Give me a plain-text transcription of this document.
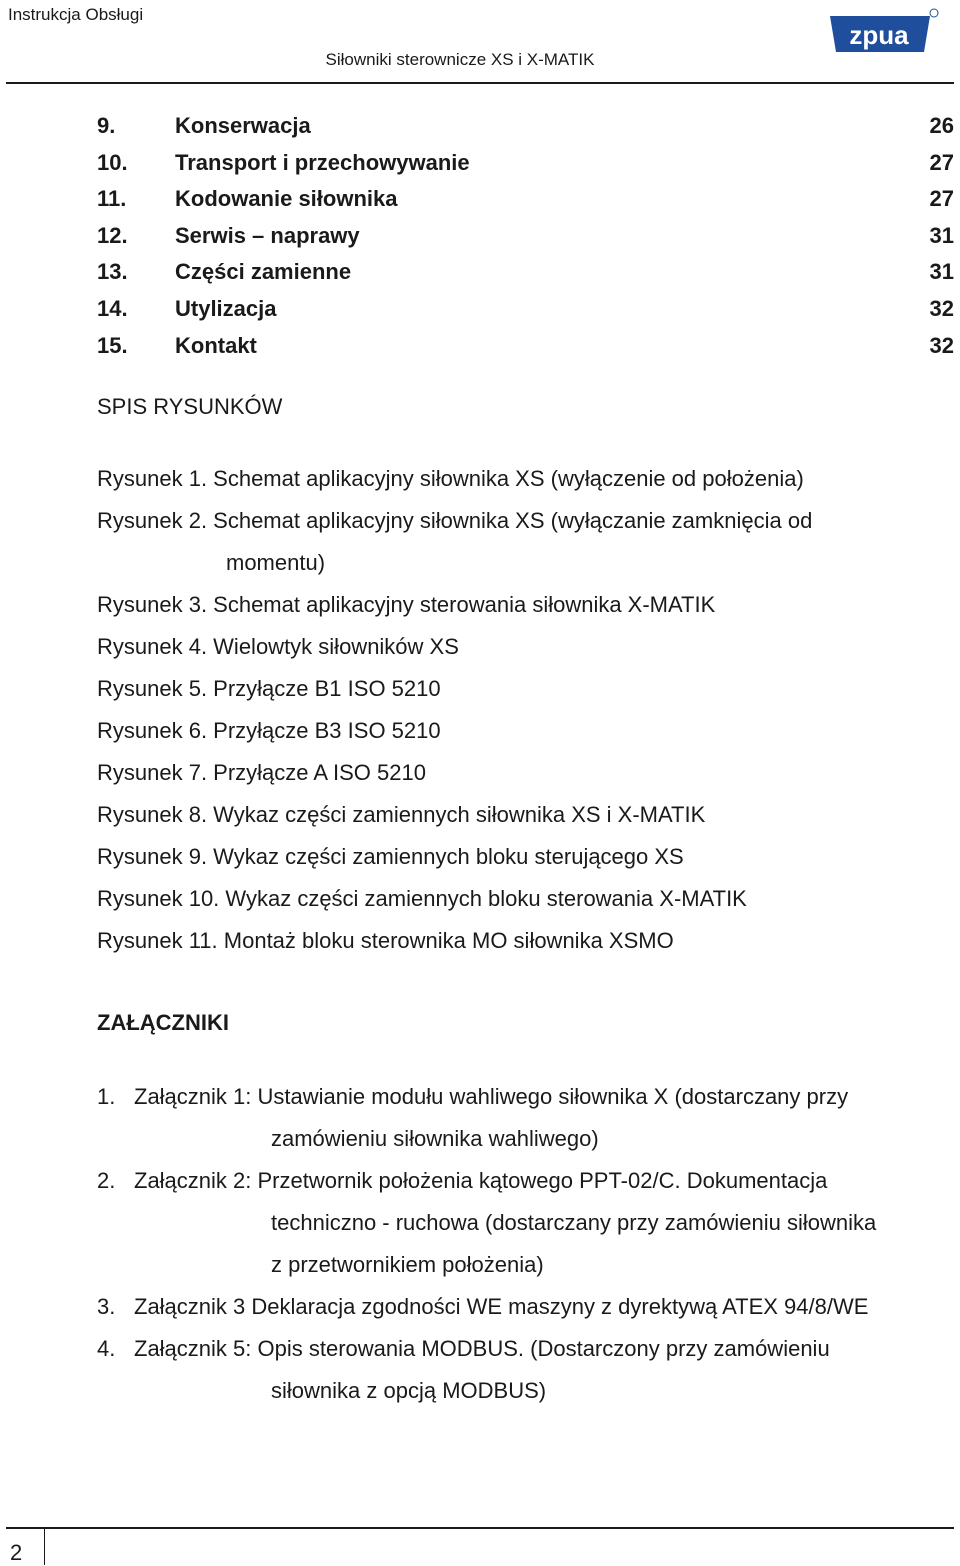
Instrukcja Obsługi
Siłowniki sterownicze XS i X-MATIK
zpua
9.	Konserwacja	26
10. Transport i przechowywanie	27
11. Kodowanie siłownika	27
12. Serwis – naprawy	31
13. Części zamienne	31
14. Utylizacja	32
15. Kontakt	32
SPIS RYSUNKÓW
Rysunek 1. Schemat aplikacyjny siłownika XS (wyłączenie od położenia)
Rysunek 2. Schemat aplikacyjny siłownika XS (wyłączanie zamknięcia od
momentu)
Rysunek 3. Schemat aplikacyjny sterowania siłownika X-MATIK
Rysunek 4. Wielowtyk siłowników XS
Rysunek 5. Przyłącze B1 ISO 5210
Rysunek 6. Przyłącze B3 ISO 5210
Rysunek 7. Przyłącze A ISO 5210
Rysunek 8. Wykaz części zamiennych siłownika XS i X-MATIK
Rysunek 9. Wykaz części zamiennych bloku sterującego XS
Rysunek 10. Wykaz części zamiennych bloku sterowania X-MATIK
Rysunek 11. Montaż bloku sterownika MO siłownika XSMO
ZAŁĄCZNIKI
1. Załącznik 1: Ustawianie modułu wahliwego siłownika X (dostarczany przy
zamówieniu siłownika wahliwego)
2. Załącznik 2: Przetwornik położenia kątowego PPT-02/C. Dokumentacja
techniczno - ruchowa (dostarczany przy zamówieniu siłownika
z przetwornikiem położenia)
3. Załącznik 3 Deklaracja zgodności WE maszyny z dyrektywą ATEX 94/8/WE
4. Załącznik 5: Opis sterowania MODBUS. (Dostarczony przy zamówieniu
siłownika z opcją MODBUS)
2
